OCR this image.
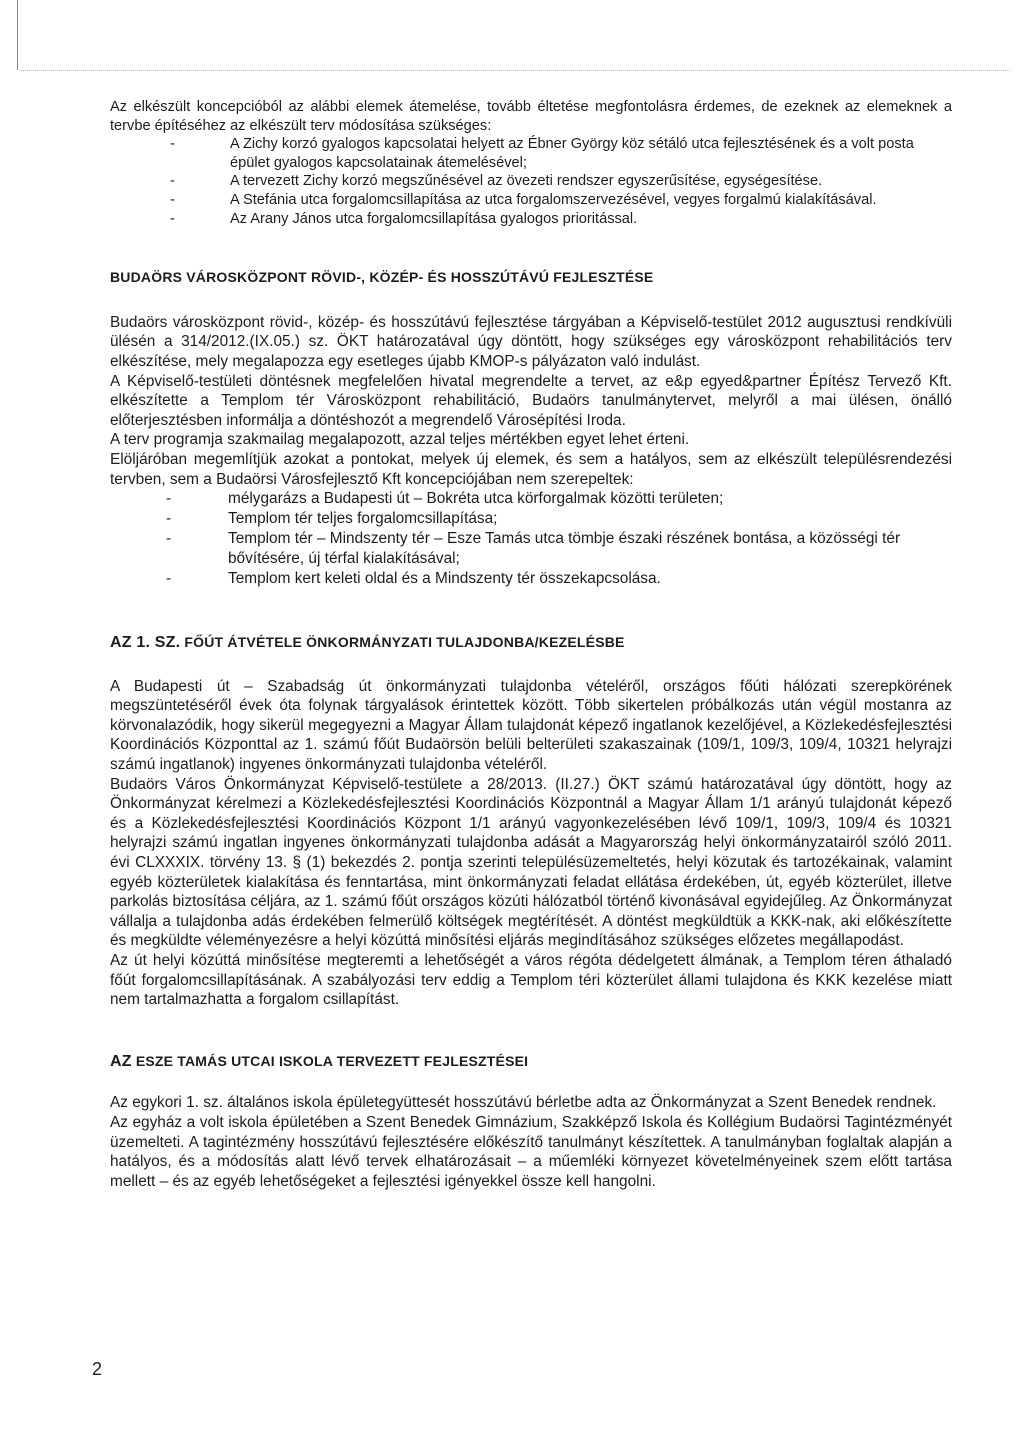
Az elkészült koncepcióból az alábbi elemek átemelése, tovább éltetése megfontolásra érdemes, de ezeknek az elemeknek a tervbe építéséhez az elkészült terv módosítása szükséges:

- A Zichy korzó gyalogos kapcsolatai helyett az Ébner György köz sétáló utca fejlesztésének és a volt posta épület gyalogos kapcsolatainak átemelésével;
- A tervezett Zichy korzó megszűnésével az övezeti rendszer egyszerűsítése, egységesítése.
- A Stefánia utca forgalomcsillapítása az utca forgalomszervezésével, vegyes forgalmú kialakításával.
- Az Arany János utca forgalomcsillapítása gyalogos prioritással.
BUDAÖRS VÁROSKÖZPONT RÖVID-, KÖZÉP- ÉS HOSSZÚTÁVÚ FEJLESZTÉSE

Budaörs városközpont rövid-, közép- és hosszútávú fejlesztése tárgyában a Képviselő-testület 2012 augusztusi rendkívüli ülésén a 314/2012.(IX.05.) sz. ÖKT határozatával úgy döntött, hogy szükséges egy városközpont rehabilitációs terv elkészítése, mely megalapozza egy esetleges újabb KMOP-s pályázaton való indulást.

A Képviselő-testületi döntésnek megfelelően hivatal megrendelte a tervet, az e&p egyed&partner Építész Tervező Kft. elkészítette a Templom tér Városközpont rehabilitáció, Budaörs tanulmánytervet, melyről a mai ülésen, önálló előterjesztésben informálja a döntéshozót a megrendelő Városépítési Iroda.

A terv programja szakmailag megalapozott, azzal teljes mértékben egyet lehet érteni.

Elöljáróban megemlítjük azokat a pontokat, melyek új elemek, és sem a hatályos, sem az elkészült településrendezési tervben, sem a Budaörsi Városfejlesztő Kft koncepciójában nem szerepeltek:

- mélygarázs a Budapesti út – Bokréta utca körforgalmak közötti területen;
- Templom tér teljes forgalomcsillapítása;
- Templom tér – Mindszenty tér – Esze Tamás utca tömbje északi részének bontása, a közösségi tér bővítésére, új térfal kialakításával;
- Templom kert keleti oldal és a Mindszenty tér összekapcsolása.
AZ 1. SZ. FŐÚT ÁTVÉTELE ÖNKORMÁNYZATI TULAJDONBA/KEZELÉSBE

A Budapesti út – Szabadság út önkormányzati tulajdonba vételéről, országos főúti hálózati szerepkörének megszüntetéséről évek óta folynak tárgyalások érintettek között. Több sikertelen próbálkozás után végül mostanra az körvonalazódik, hogy sikerül megegyezni a Magyar Állam tulajdonát képező ingatlanok kezelőjével, a Közlekedésfejlesztési Koordinációs Központtal az 1. számú főút Budaörsön belüli belterületi szakaszainak (109/1, 109/3, 109/4, 10321 helyrajzi számú ingatlanok) ingyenes önkormányzati tulajdonba vételéről.

Budaörs Város Önkormányzat Képviselő-testülete a 28/2013. (II.27.) ÖKT számú határozatával úgy döntött, hogy az Önkormányzat kérelmezi a Közlekedésfejlesztési Koordinációs Központnál a Magyar Állam 1/1 arányú tulajdonát képező és a Közlekedésfejlesztési Koordinációs Központ 1/1 arányú vagyonkezelésében lévő 109/1, 109/3, 109/4 és 10321 helyrajzi számú ingatlan ingyenes önkormányzati tulajdonba adását a Magyarország helyi önkormányzatairól szóló 2011. évi CLXXXIX. törvény 13. § (1) bekezdés 2. pontja szerinti településüzemeltetés, helyi közutak és tartozékainak, valamint egyéb közterületek kialakítása és fenntartása, mint önkormányzati feladat ellátása érdekében, út, egyéb közterület, illetve parkolás biztosítása céljára, az 1. számú főút országos közúti hálózatból történő kivonásával egyidejűleg. Az Önkormányzat vállalja a tulajdonba adás érdekében felmerülő költségek megtérítését. A döntést megküldtük a KKK-nak, aki előkészítette és megküldte véleményezésre a helyi közúttá minősítési eljárás megindításához szükséges előzetes megállapodást.

Az út helyi közúttá minősítése megteremti a lehetőségét a város régóta dédelgetett álmának, a Templom téren áthaladó főút forgalomcsillapításának. A szabályozási terv eddig a Templom téri közterület állami tulajdona és KKK kezelése miatt nem tartalmazhatta a forgalom csillapítást.

AZ ESZE TAMÁS UTCAI ISKOLA TERVEZETT FEJLESZTÉSEI

Az egykori 1. sz. általános iskola épületegyüttesét hosszútávú bérletbe adta az Önkormányzat a Szent Benedek rendnek.

Az egyház a volt iskola épületében a Szent Benedek Gimnázium, Szakképző Iskola és Kollégium Budaörsi Tagintézményét üzemelteti. A tagintézmény hosszútávú fejlesztésére előkészítő tanulmányt készítettek. A tanulmányban foglaltak alapján a hatályos, és a módosítás alatt lévő tervek elhatározásait – a műemléki környezet követelményeinek szem előtt tartása mellett – és az egyéb lehetőségeket a fejlesztési igényekkel össze kell hangolni.

2
